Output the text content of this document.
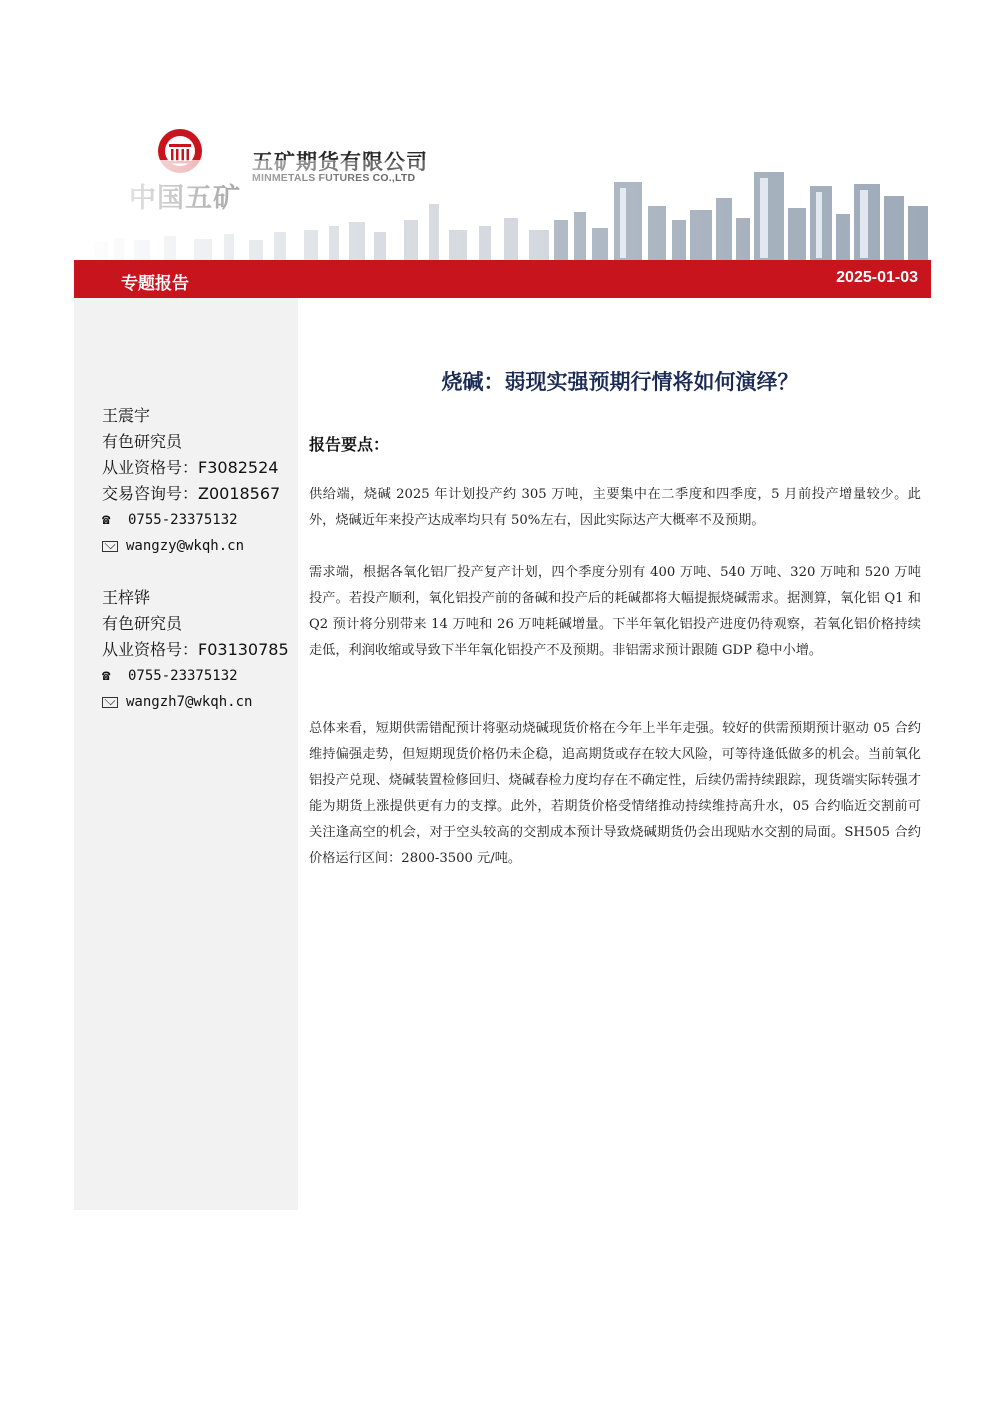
专题报告	2025-01-03
王震宇
有色研究员
从业资格号：F3082524
交易咨询号：Z0018567
☎ 0755-23375132
wangzy@wkqh.cn
王梓铧
有色研究员
从业资格号：F03130785
☎ 0755-23375132
wangzh7@wkqh.cn
烧碱：弱现实强预期行情将如何演绎？
报告要点：
供给端，烧碱 2025 年计划投产约 305 万吨，主要集中在二季度和四季度，5 月前投产增量较少。此外，烧碱近年来投产达成率均只有 50%左右，因此实际达产大概率不及预期。
需求端，根据各氧化铝厂投产复产计划，四个季度分别有 400 万吨、540 万吨、320 万吨和 520 万吨投产。若投产顺利，氧化铝投产前的备碱和投产后的耗碱都将大幅提振烧碱需求。据测算，氧化铝 Q1 和 Q2 预计将分别带来 14 万吨和 26 万吨耗碱增量。下半年氧化铝投产进度仍待观察，若氧化铝价格持续走低，利润收缩或导致下半年氧化铝投产不及预期。非铝需求预计跟随 GDP 稳中小增。
总体来看，短期供需错配预计将驱动烧碱现货价格在今年上半年走强。较好的供需预期预计驱动 05 合约维持偏强走势，但短期现货价格仍未企稳，追高期货或存在较大风险，可等待逢低做多的机会。当前氧化铝投产兑现、烧碱装置检修回归、烧碱春检力度均存在不确定性，后续仍需持续跟踪，现货端实际转强才能为期货上涨提供更有力的支撑。此外，若期货价格受情绪推动持续维持高升水，05 合约临近交割前可关注逢高空的机会，对于空头较高的交割成本预计导致烧碱期货仍会出现贴水交割的局面。SH505 合约价格运行区间：2800-3500 元/吨。
